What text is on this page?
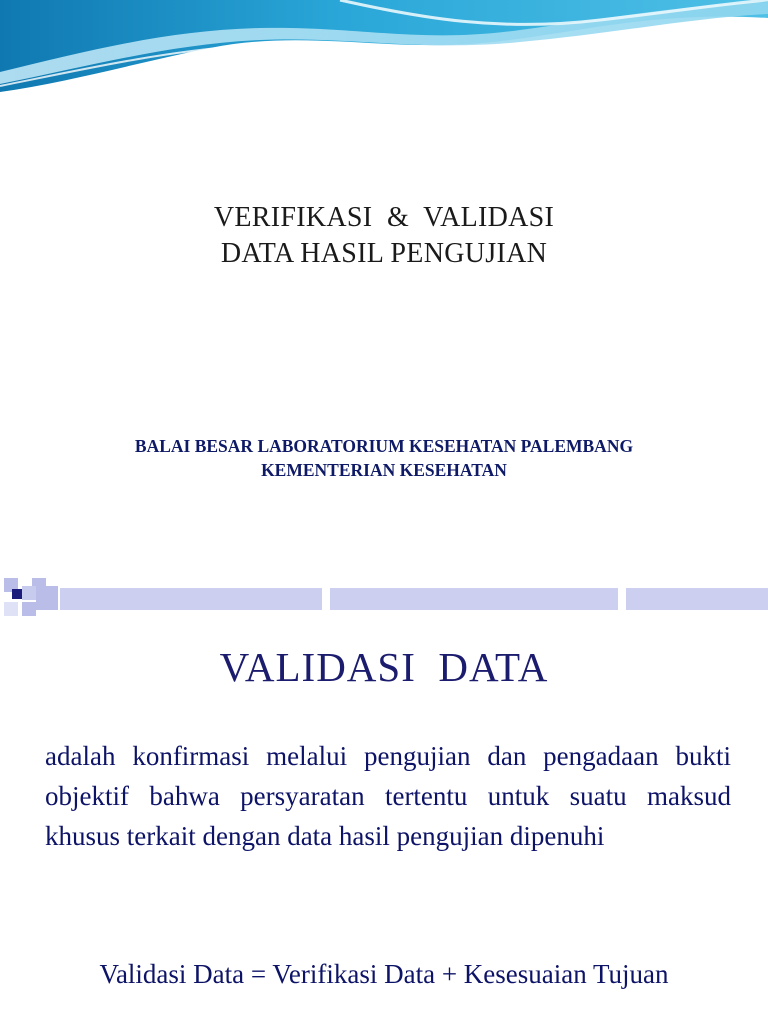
VERIFIKASI  &  VALIDASI
DATA HASIL PENGUJIAN
BALAI BESAR LABORATORIUM KESEHATAN PALEMBANG
KEMENTERIAN KESEHATAN
VALIDASI  DATA

adalah konfirmasi melalui pengujian dan pengadaan bukti objektif bahwa persyaratan tertentu untuk suatu maksud khusus terkait dengan data hasil pengujian dipenuhi

Validasi Data = Verifikasi Data + Kesesuaian Tujuan
